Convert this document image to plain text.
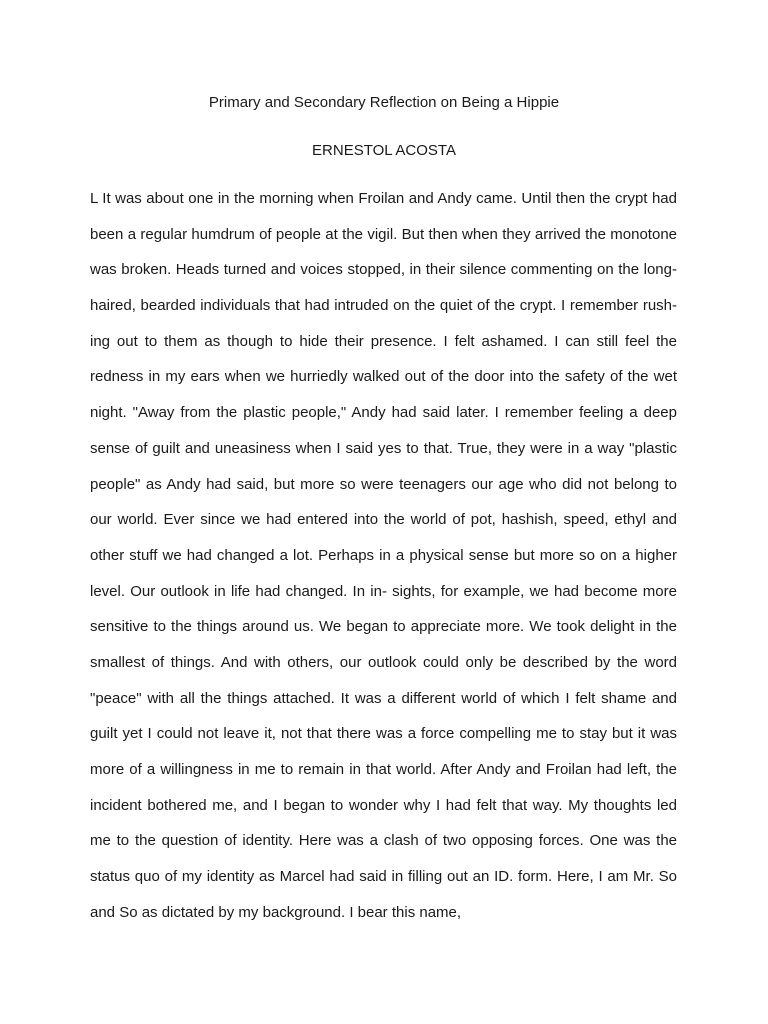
Primary and Secondary Reflection on Being a Hippie
ERNESTOL ACOSTA
L It was about one in the morning when Froilan and Andy came. Until then the crypt had
been a regular humdrum of people at the vigil. But then when they arrived the monotone
was broken. Heads turned and voices stopped, in their silence commenting on the long-
haired, bearded individuals that had intruded on the quiet of the crypt. I remember rush-
ing out to them as though to hide their presence. I felt ashamed. I can still feel the
redness in my ears when we hurriedly walked out of the door into the safety of the wet
night. "Away from the plastic people," Andy had said later. I remember feeling a deep
sense of guilt and uneasiness when I said yes to that. True, they were in a way "plastic
people" as Andy had said, but more so were teenagers our age who did not belong to
our world. Ever since we had entered into the world of pot, hashish, speed, ethyl and
other stuff we had changed a lot. Perhaps in a physical sense but more so on a higher
level. Our outlook in life had changed. In in- sights, for example, we had become more
sensitive to the things around us. We began to appreciate more. We took delight in the
smallest of things. And with others, our outlook could only be described by the word
"peace" with all the things attached. It was a different world of which I felt shame and
guilt yet I could not leave it, not that there was a force compelling me to stay but it was
more of a willingness in me to remain in that world. After Andy and Froilan had left, the
incident bothered me, and I began to wonder why I had felt that way. My thoughts led
me to the question of identity. Here was a clash of two opposing forces. One was the
status quo of my identity as Marcel had said in filling out an ID. form. Here, I am Mr. So
and So as dictated by my background. I bear this name,
